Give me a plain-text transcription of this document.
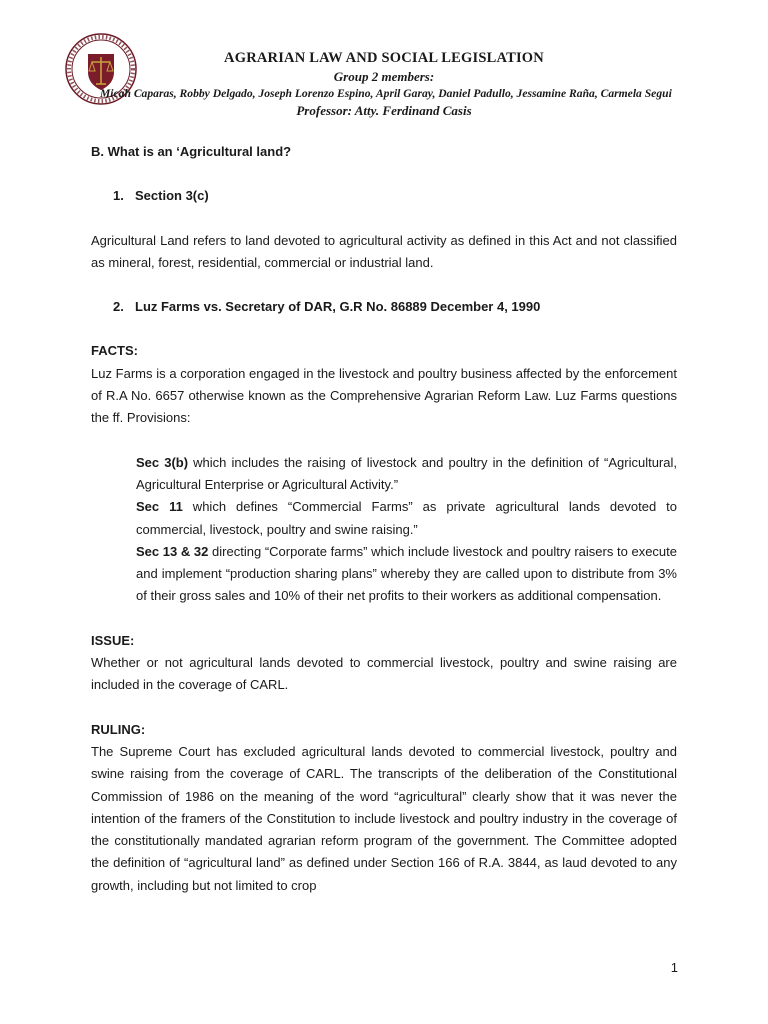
AGRARIAN LAW AND SOCIAL LEGISLATION
Group 2 members:
Micah Caparas, Robby Delgado, Joseph Lorenzo Espino, April Garay, Daniel Padullo, Jessamine Raña, Carmela Segui
Professor: Atty. Ferdinand Casis

B. What is an ‘Agricultural land?

1. Section 3(c)

Agricultural Land refers to land devoted to agricultural activity as defined in this Act and not classified as mineral, forest, residential, commercial or industrial land.

2. Luz Farms vs. Secretary of DAR, G.R No. 86889 December 4, 1990

FACTS:

Luz Farms is a corporation engaged in the livestock and poultry business affected by the enforcement of R.A No. 6657 otherwise known as the Comprehensive Agrarian Reform Law. Luz Farms questions the ff. Provisions:

Sec 3(b) which includes the raising of livestock and poultry in the definition of “Agricultural, Agricultural Enterprise or Agricultural Activity.”

Sec 11 which defines “Commercial Farms” as private agricultural lands devoted to commercial, livestock, poultry and swine raising.”

Sec 13 & 32 directing “Corporate farms” which include livestock and poultry raisers to execute and implement “production sharing plans” whereby they are called upon to distribute from 3% of their gross sales and 10% of their net profits to their workers as additional compensation.

ISSUE:

Whether or not agricultural lands devoted to commercial livestock, poultry and swine raising are included in the coverage of CARL.

RULING:

The Supreme Court has excluded agricultural lands devoted to commercial livestock, poultry and swine raising from the coverage of CARL. The transcripts of the deliberation of the Constitutional Commission of 1986 on the meaning of the word “agricultural” clearly show that it was never the intention of the framers of the Constitution to include livestock and poultry industry in the coverage of the constitutionally mandated agrarian reform program of the government. The Committee adopted the definition of “agricultural land” as defined under Section 166 of R.A. 3844, as laud devoted to any growth, including but not limited to crop

1
